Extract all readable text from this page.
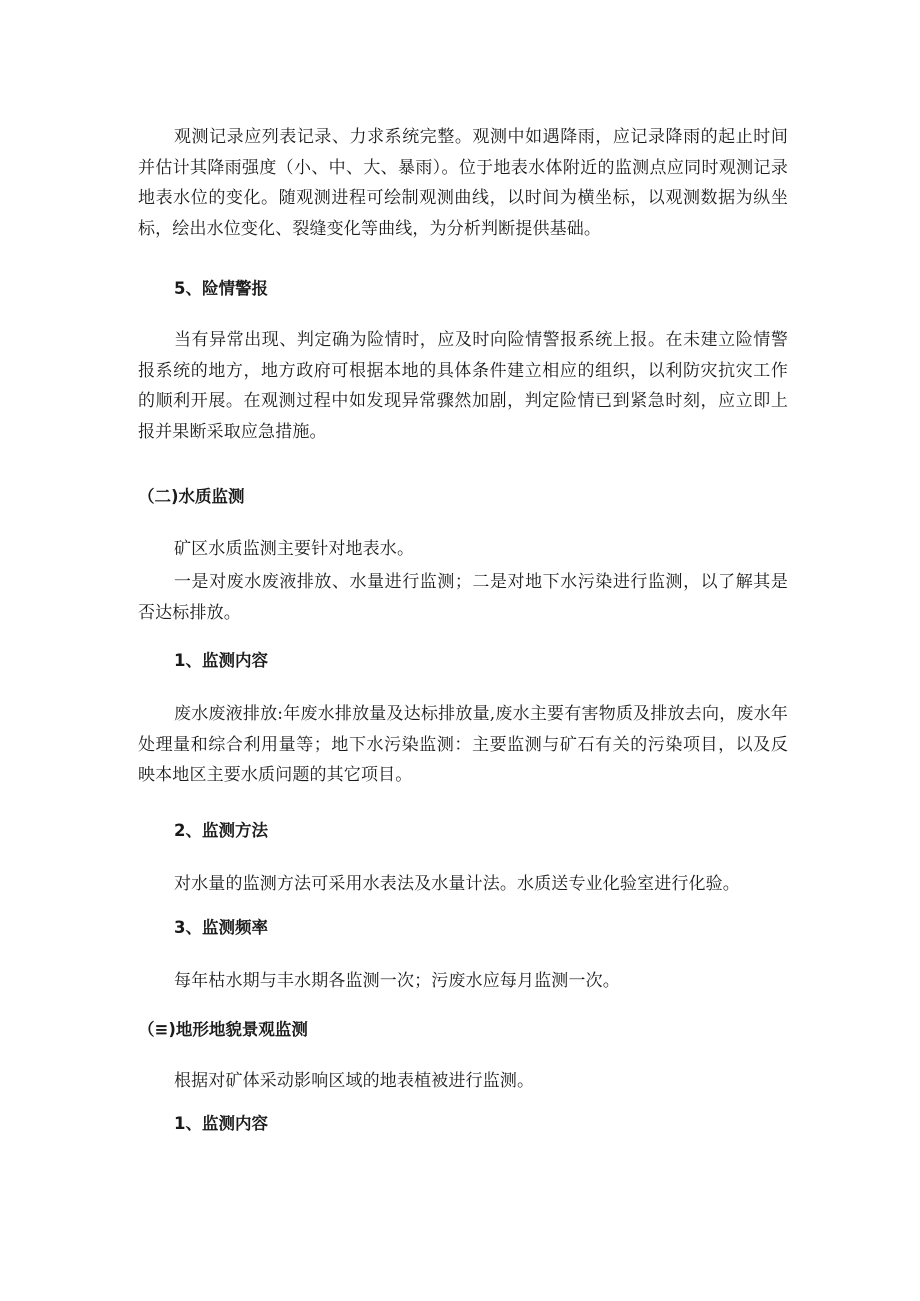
观测记录应列表记录、力求系统完整。观测中如遇降雨，应记录降雨的起止时间并估计其降雨强度（小、中、大、暴雨）。位于地表水体附近的监测点应同时观测记录地表水位的变化。随观测进程可绘制观测曲线，以时间为横坐标，以观测数据为纵坐标，绘出水位变化、裂缝变化等曲线，为分析判断提供基础。

5、险情警报

当有异常出现、判定确为险情时，应及时向险情警报系统上报。在未建立险情警报系统的地方，地方政府可根据本地的具体条件建立相应的组织，以利防灾抗灾工作的顺利开展。在观测过程中如发现异常骤然加剧，判定险情已到紧急时刻，应立即上报并果断采取应急措施。

（二)水质监测

矿区水质监测主要针对地表水。

一是对废水废液排放、水量进行监测；二是对地下水污染进行监测，以了解其是否达标排放。

1、监测内容

废水废液排放:年废水排放量及达标排放量,废水主要有害物质及排放去向，废水年处理量和综合利用量等；地下水污染监测：主要监测与矿石有关的污染项目，以及反映本地区主要水质问题的其它项目。

2、监测方法

对水量的监测方法可采用水表法及水量计法。水质送专业化验室进行化验。

3、监测频率

每年枯水期与丰水期各监测一次；污废水应每月监测一次。

（≡)地形地貌景观监测

根据对矿体采动影响区域的地表植被进行监测。

1、监测内容
